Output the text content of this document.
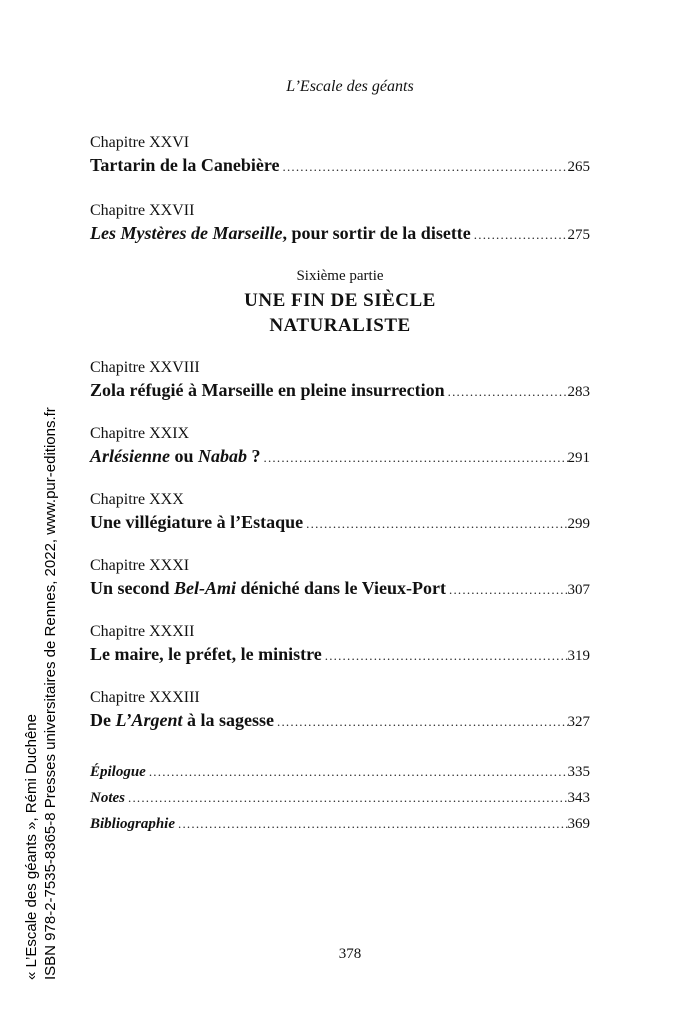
L’Escale des géants
Chapitre XXVI
Tartarin de la Canebière .....	265
Chapitre XXVII
Les Mystères de Marseille, pour sortir de la disette .....	275
Sixième partie
UNE FIN DE SIÈCLE
NATURALISTE
Chapitre XXVIII
Zola réfugié à Marseille en pleine insurrection .....	283
Chapitre XXIX
Arlésienne ou Nabab ? .....	291
Chapitre XXX
Une villégiature à l’Estaque .....	299
Chapitre XXXI
Un second Bel-Ami déniché dans le Vieux-Port .....	307
Chapitre XXXII
Le maire, le préfet, le ministre .....	319
Chapitre XXXIII
De L’Argent à la sagesse .....	327
Épilogue .....	335
Notes .....	343
Bibliographie .....	369
378
« L’Escale des géants », Rémi Duchêne ISBN 978-2-7535-8365-8 Presses universitaires de Rennes, 2022, www.pur-editions.fr
